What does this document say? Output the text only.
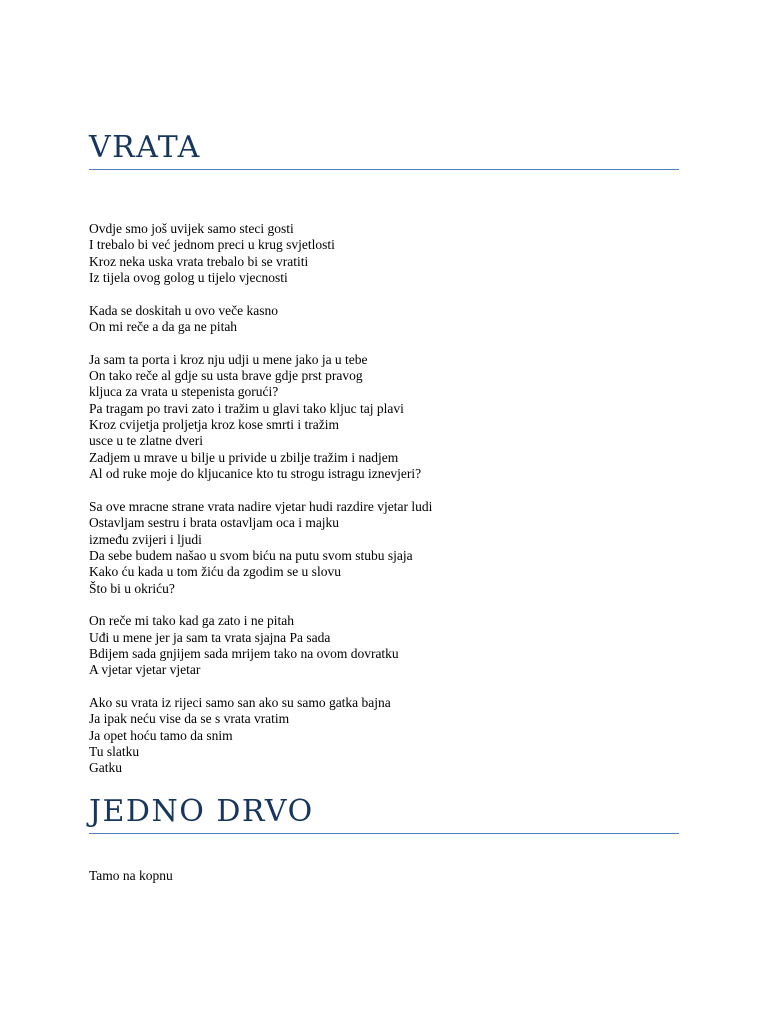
VRATA
Ovdje smo još uvijek samo steci gosti
I trebalo bi već jednom preci u krug svjetlosti
Kroz neka uska vrata trebalo bi se vratiti
Iz tijela ovog golog u tijelo vjecnosti
Kada se doskitah u ovo veče kasno
On mi reče a da ga ne pitah
Ja sam ta porta i kroz nju udji u mene jako ja u tebe
On tako reče al gdje su usta brave gdje prst pravog
kljuca za vrata u stepenista gorući?
Pa tragam po travi zato i tražim u glavi tako kljuc taj plavi
Kroz cvijetja proljetja kroz kose smrti i tražim
usce u te zlatne dveri
Zadjem u mrave u bilje u privide u zbilje tražim i nadjem
Al od ruke moje do kljucanice kto tu strogu istragu iznevjeri?
Sa ove mracne strane vrata nadire vjetar hudi razdire vjetar ludi
Ostavljam sestru i brata ostavljam oca i majku
između zvijeri i ljudi
Da sebe budem našao u svom biću na putu svom stubu sjaja
Kako ću kada u tom žiću da zgodim se u slovu
Što bi u okriću?
On reče mi tako kad ga zato i ne pitah
Uđi u mene jer ja sam ta vrata sjajna Pa sada
Bdijem sada gnjijem sada mrijem tako na ovom dovratku
A vjetar vjetar vjetar
Ako su vrata iz rijeci samo san ako su samo gatka bajna
Ja ipak neću vise da se s vrata vratim
Ja opet hoću tamo da snim
Tu slatku
Gatku
JEDNO DRVO
Tamo na kopnu
